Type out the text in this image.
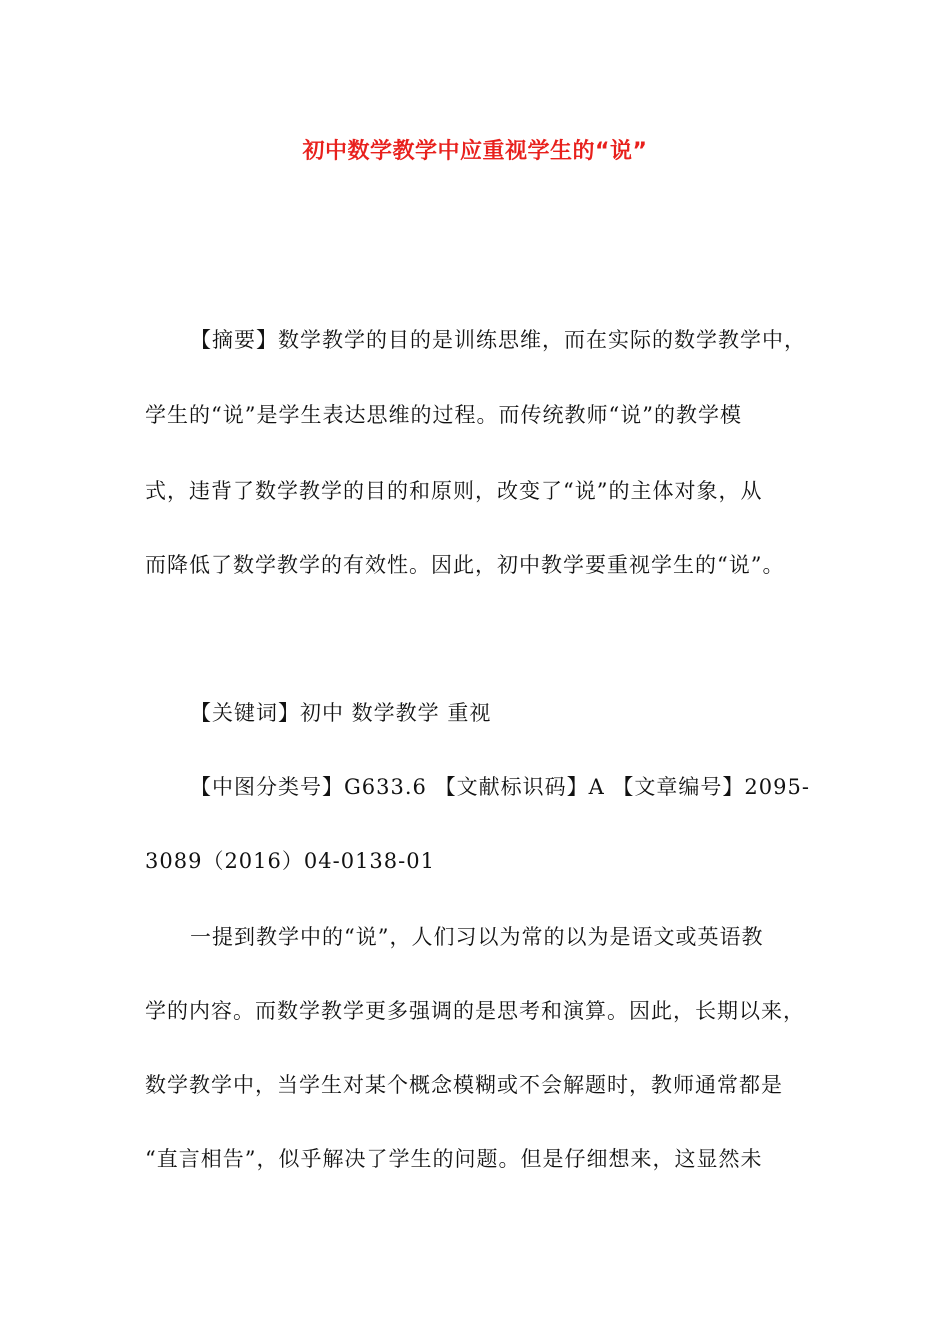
初中数学教学中应重视学生的“说”
【摘要】数学教学的目的是训练思维，而在实际的数学教学中，
学生的“说”是学生表达思维的过程。而传统教师“说”的教学模
式，违背了数学教学的目的和原则，改变了“说”的主体对象，从
而降低了数学教学的有效性。因此，初中教学要重视学生的“说”。
【关键词】初中 数学教学 重视
【中图分类号】G633.6 【文献标识码】A 【文章编号】2095-
3089（2016）04-0138-01
一提到教学中的“说”，人们习以为常的以为是语文或英语教
学的内容。而数学教学更多强调的是思考和演算。因此，长期以来，
数学教学中，当学生对某个概念模糊或不会解题时，教师通常都是
“直言相告”，似乎解决了学生的问题。但是仔细想来，这显然未
